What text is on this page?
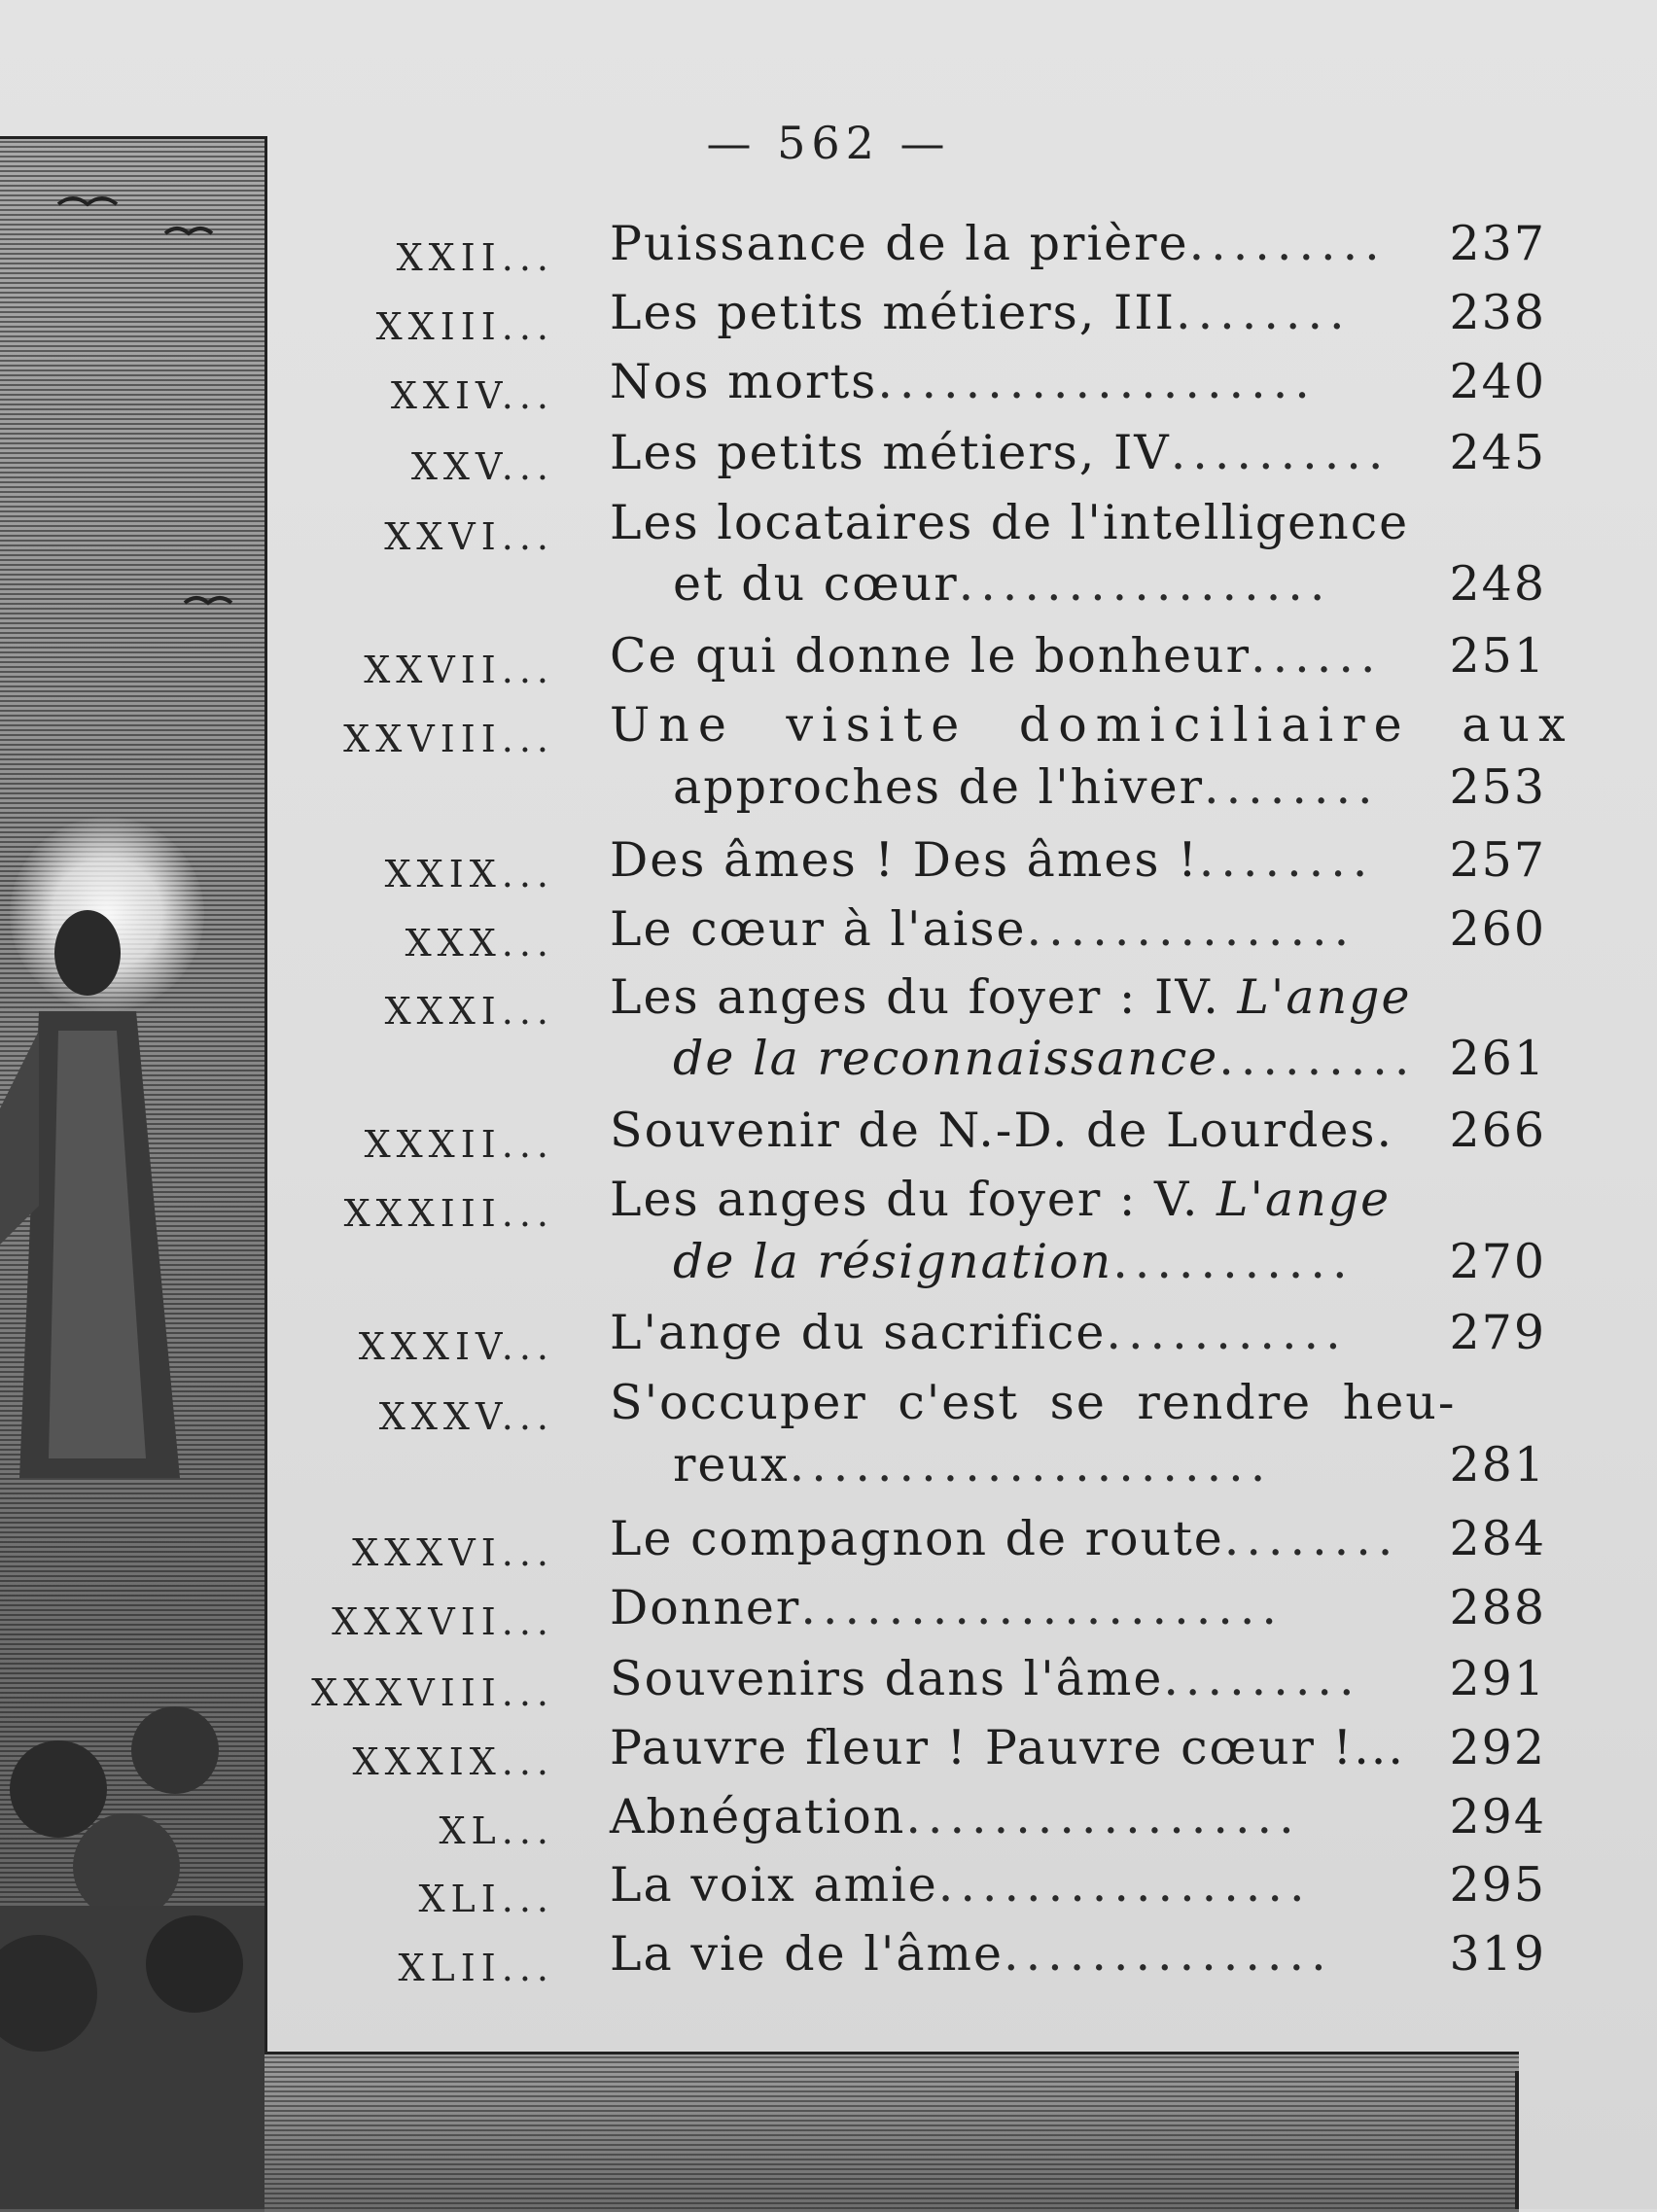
— 562 —
XXII... Puissance de la prière.........	237
XXIII... Les petits métiers, III........	238
XXIV... Nos morts....................	240
XXV... Les petits métiers, IV..........	245
XXVI... Les locataires de l'intelligence
et du cœur.................	248
XXVII... Ce qui donne le bonheur......	251
XXVIII... Une visite domiciliaire aux
approches de l'hiver........	253
XXIX... Des âmes ! Des âmes !........	257
XXX... Le cœur à l'aise...............	260
XXXI... Les anges du foyer : IV. L'ange
de la reconnaissance......... 261
XXXII... Souvenir de N.-D. de Lourdes. 266
XXXIII... Les anges du foyer : V. L'ange
de la résignation...........	270
XXXIV... L'ange du sacrifice...........	279
XXXV... S'occuper c'est se rendre heu-
reux......................	281
XXXVI... Le compagnon de route........ 284
XXXVII... Donner......................	288
XXXVIII... Souvenirs dans l'âme.........	291
XXXIX... Pauvre fleur ! Pauvre cœur !... 292
XL... Abnégation..................	294
XLI... La voix amie.................	295
XLII... La vie de l'âme...............	319
